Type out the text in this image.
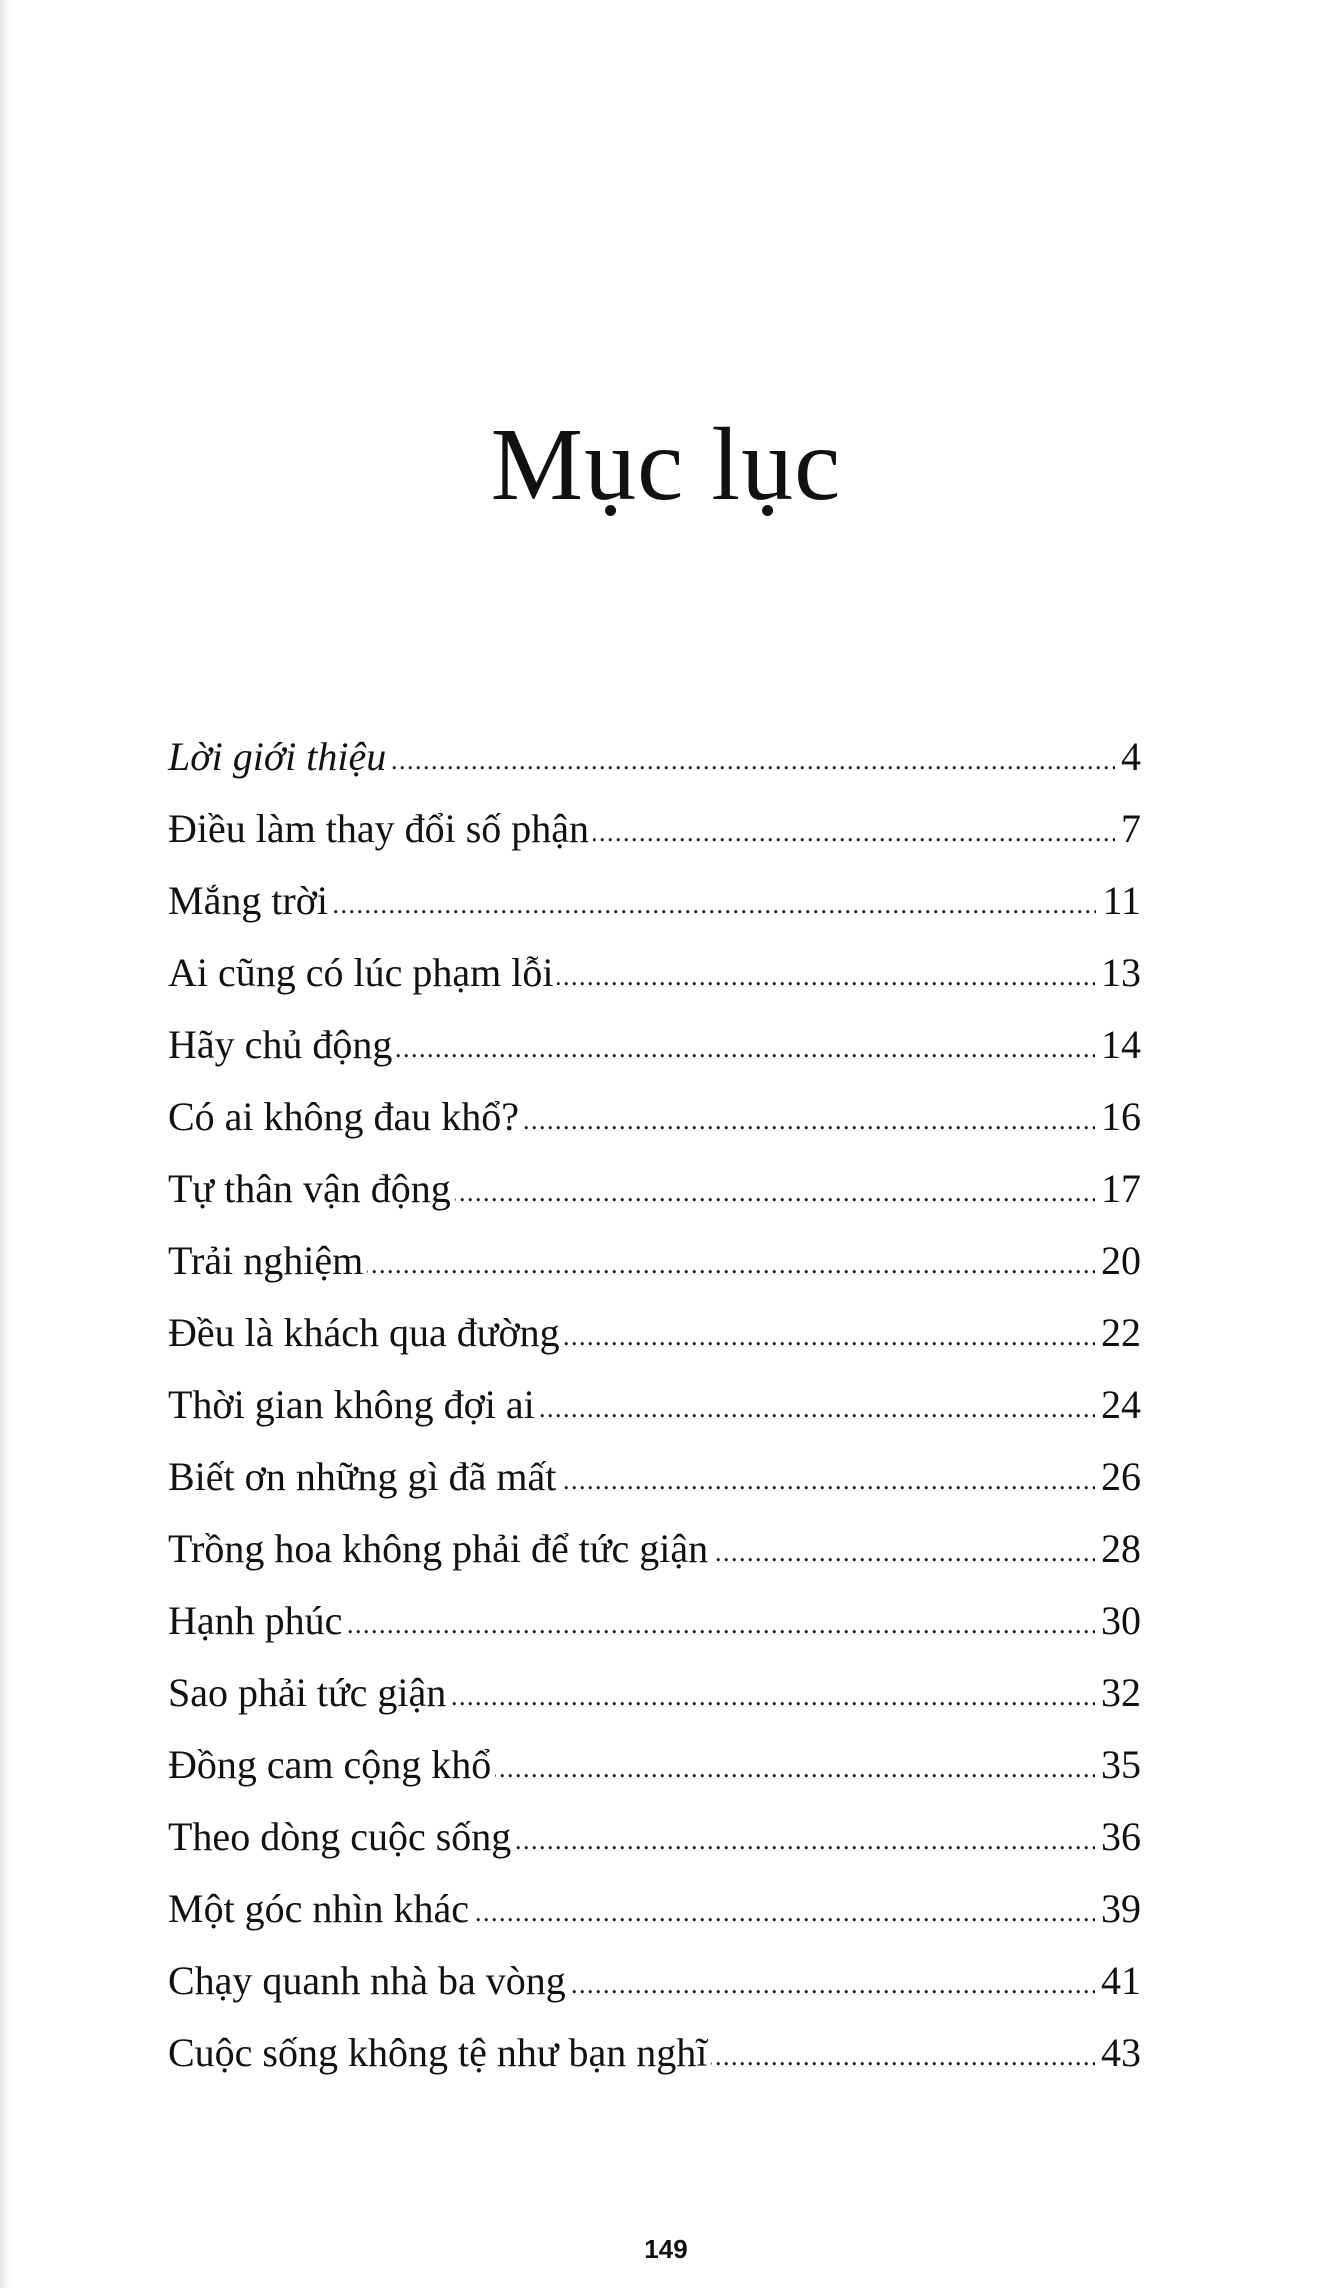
Mục lục
Lời giới thiệu . . .	4
Điều làm thay đổi số phận . . .	7
Mắng trời . . .	11
Ai cũng có lúc phạm lỗi . . .	13
Hãy chủ động . . .	14
Có ai không đau khổ? . . .	16
Tự thân vận động . . .	17
Trải nghiệm . . .	20
Đều là khách qua đường . . .	22
Thời gian không đợi ai . . .	24
Biết ơn những gì đã mất . . .	26
Trồng hoa không phải để tức giận . . .	28
Hạnh phúc . . .	30
Sao phải tức giận . . .	32
Đồng cam cộng khổ . . .	35
Theo dòng cuộc sống . . .	36
Một góc nhìn khác . . .	39
Chạy quanh nhà ba vòng . . .	41
Cuộc sống không tệ như bạn nghĩ . . .	43
149
